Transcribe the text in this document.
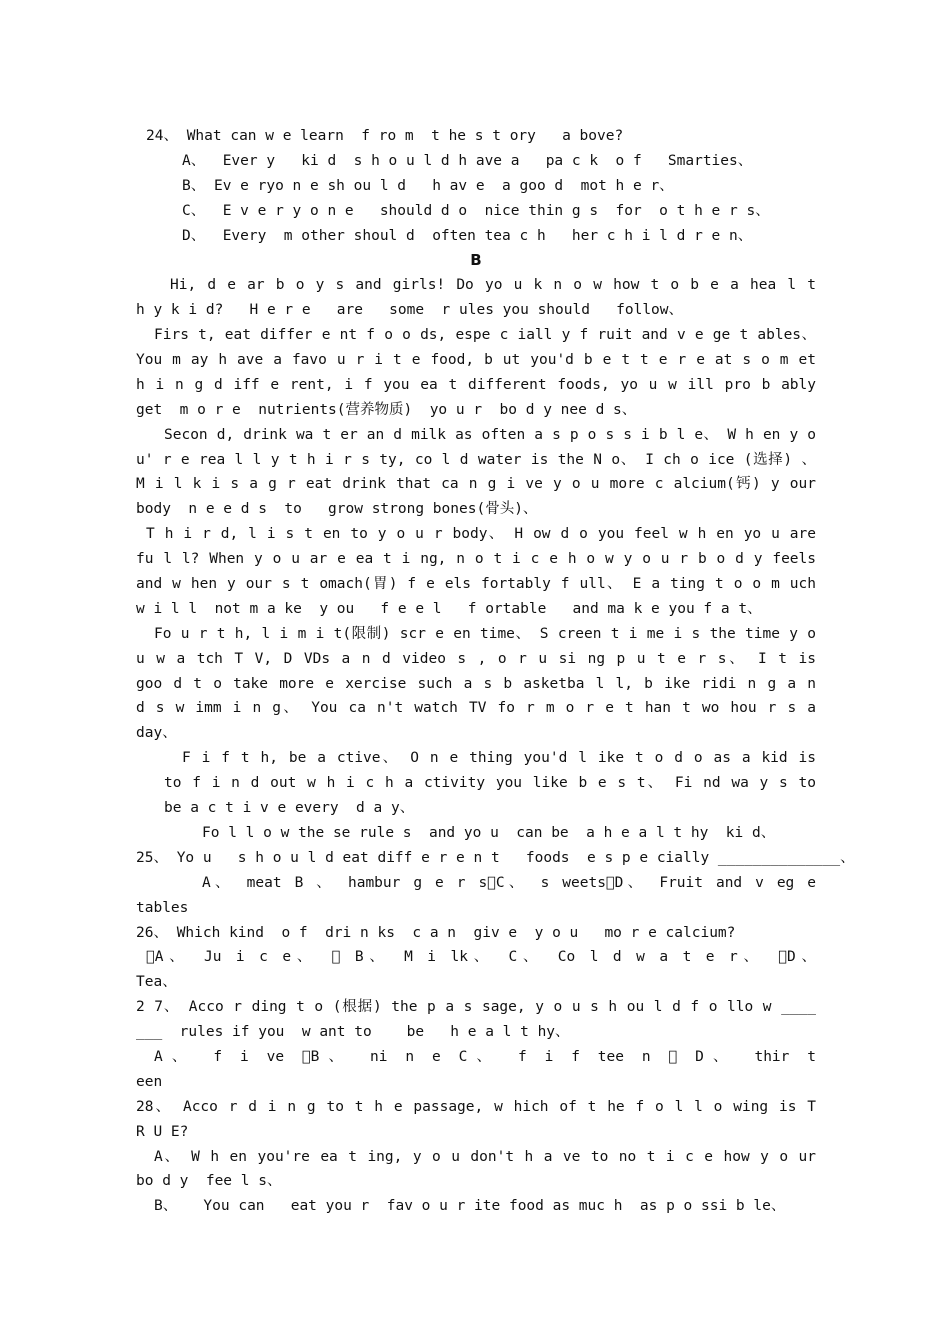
24、 What can w e learn  f ro m  t he s t ory   a bove?
A、  Ever y   ki d  s h o u l d h ave a   pa c k  o f   Smarties、
B、 Ev e ryo n e sh ou l d   h av e  a goo d  mot h e r、
C、  E v e r y o n e   should d o  nice thin g s  for  o t h e r s、
D、  Every  m other shoul d  often tea c h   her c h i l d r e n、
B
Hi, d e ar b o y s and girls! Do yo u k n o w how t o b e a hea l t
h y k i d?   H e r e   are   some  r ules you should   follow、
Firs t, eat differ e nt f o o ds, espe c iall y f ruit and v e ge t ables、
You m ay h ave a favo u r i t e food, b ut you'd b e t t e r e at s o m et
h i n g d iff e rent, i f you ea t different foods, yo u w ill pro b ably
get  m o r e  nutrients(营养物质)  yo u r  bo d y nee d s、
Secon d, drink wa t er an d milk as often a s p o s s i b l e、 W h en y o
u' r e rea l l y t h i r s ty, co l d water is the N o、 I ch o ice (选择) 、
M i l k i s a g r eat drink that ca n g i ve y o u more c alcium(钙) y our
body  n e e d s  to   grow strong bones(骨头)、
T h i r d, l i s t en to y o u r body、 H ow d o you feel w h en yo u are
fu l l? When y o u ar e ea t i ng, n o t i c e h o w y o u r b o d y feels
and w hen y our s t omach(胃) f e els fortably f ull、 E a ting t o o m uch
w i l l  not m a ke  y ou   f e e l   f ortable   and ma k e you f a t、
Fo u r t h, l i m i t(限制) scr e en time、 S creen t i me i s the time y o
u w a tch T V, D VDs a n d video s , o r u si ng p u t e r s、 I t is
goo d t o take more e xercise such a s b asketba l l, b ike ridi n g a n
d s w imm i n g、 You ca n't watch TV fo r m o r e t han t wo hou r s a
day、
F i f t h, be a ctive、 O n e thing you'd l ike t o d o as a kid is
to f i n d out w h i c h a ctivity you like b e s t、 Fi nd wa y s to
be a c t i v e every  d a y、
Fo l l o w the se rule s  and yo u  can be  a h e a l t hy  ki d、
25、 Yo u   s h o u l d eat diff e r e n t   foods  e s p e cially ______________、
A、 meat B 、 hambur g e r s C、 s weets D、 Fruit and v eg e
tables
26、 Which kind  o f  dri n ks  c a n  giv e  y o u   mo r e calcium?
 A、 Ju i c e、   B、 M i lk、 C、 Co l d w a t e r、  D、
Tea、
2 7、 Acco r ding t o (根据) the p a s sage, y o u s h ou l d f o llo w ____
___  rules if you  w ant to    be   h e a l t hy、
A、 f i ve  B、 ni n e C、 f i f tee n   D、 thir t
een
28、 Acco r d i n g to t h e passage, w hich of t he f o l l o wing is T
R U E?
A、 W h en you're ea t ing, y o u don't h a ve to no t i c e how y o ur
bo d y  fee l s、
B、   You can   eat you r  fav o u r ite food as muc h  as p o ssi b le、
